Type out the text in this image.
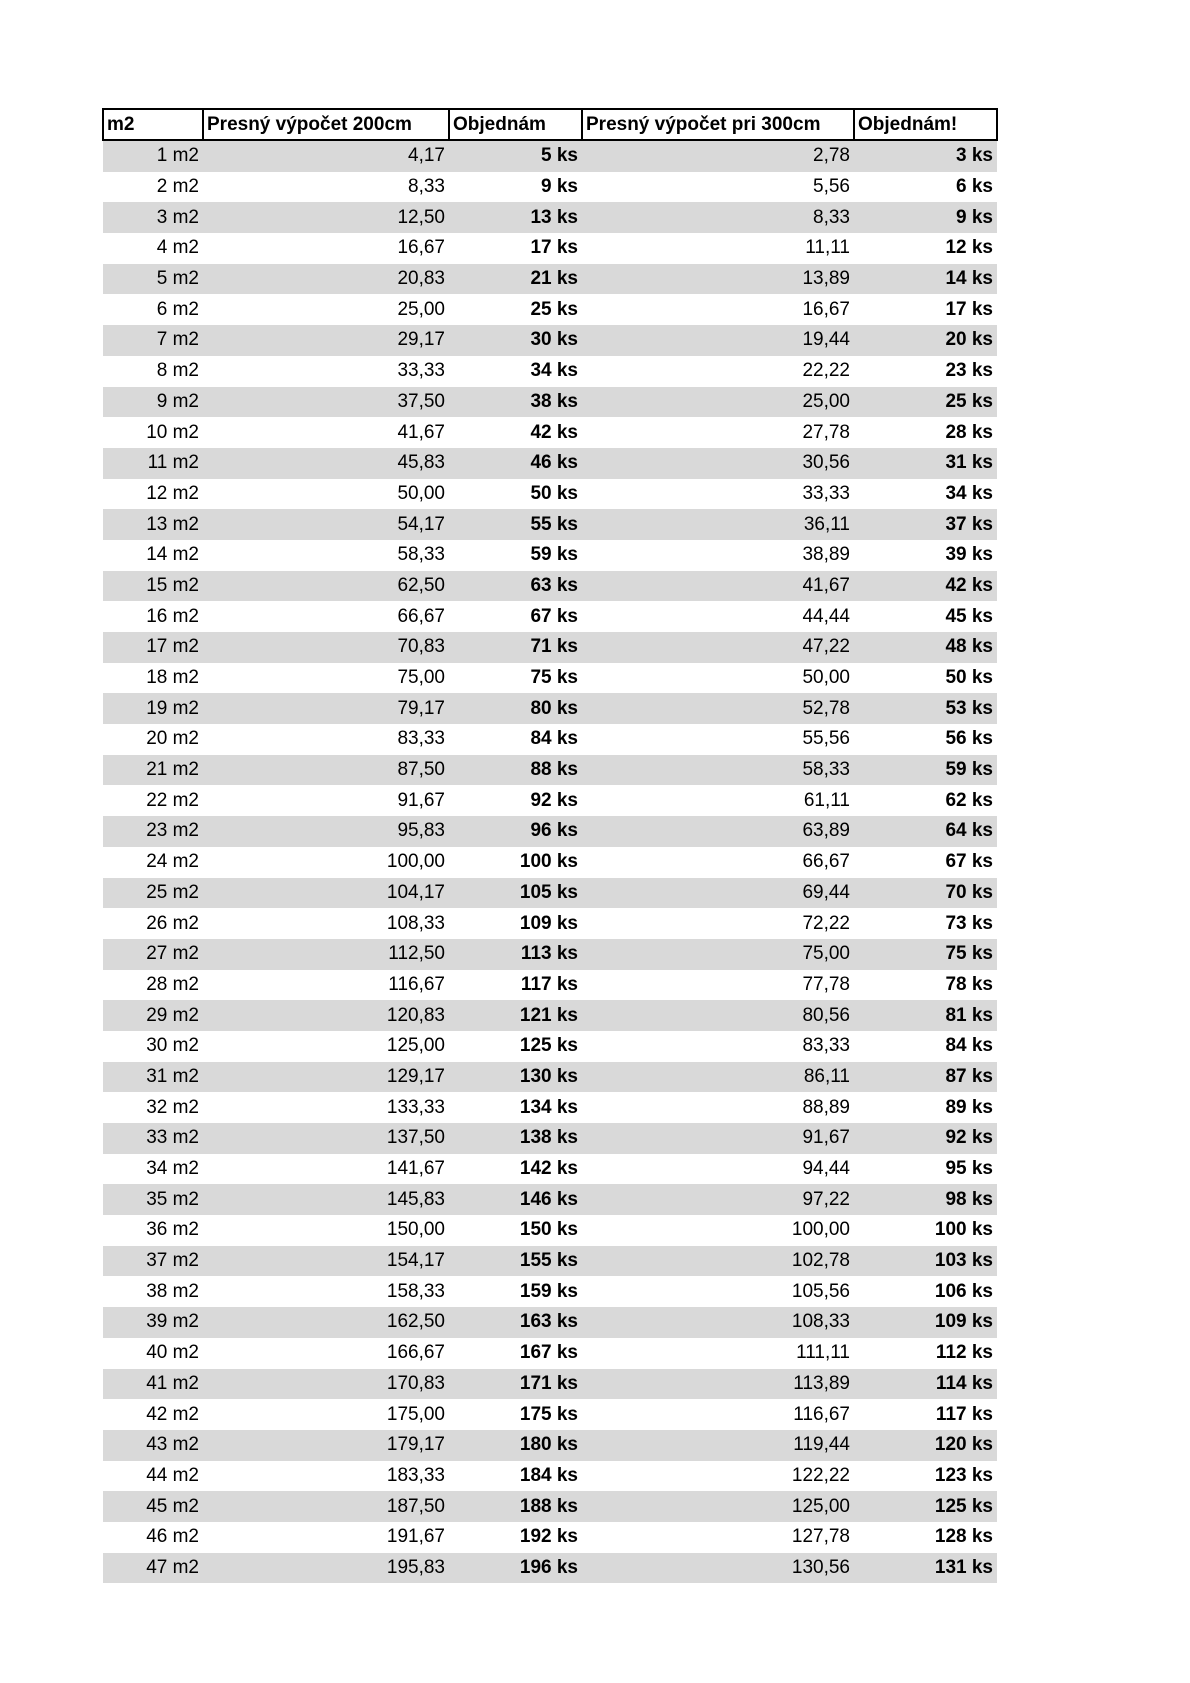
m2	Presný výpočet 200cm	Objednám	Presný výpočet pri 300cm	Objednám!
1 m2	4,17	5 ks	2,78	3 ks
2 m2	8,33	9 ks	5,56	6 ks
3 m2	12,50	13 ks	8,33	9 ks
4 m2	16,67	17 ks	11,11	12 ks
5 m2	20,83	21 ks	13,89	14 ks
6 m2	25,00	25 ks	16,67	17 ks
7 m2	29,17	30 ks	19,44	20 ks
8 m2	33,33	34 ks	22,22	23 ks
9 m2	37,50	38 ks	25,00	25 ks
10 m2	41,67	42 ks	27,78	28 ks
11 m2	45,83	46 ks	30,56	31 ks
12 m2	50,00	50 ks	33,33	34 ks
13 m2	54,17	55 ks	36,11	37 ks
14 m2	58,33	59 ks	38,89	39 ks
15 m2	62,50	63 ks	41,67	42 ks
16 m2	66,67	67 ks	44,44	45 ks
17 m2	70,83	71 ks	47,22	48 ks
18 m2	75,00	75 ks	50,00	50 ks
19 m2	79,17	80 ks	52,78	53 ks
20 m2	83,33	84 ks	55,56	56 ks
21 m2	87,50	88 ks	58,33	59 ks
22 m2	91,67	92 ks	61,11	62 ks
23 m2	95,83	96 ks	63,89	64 ks
24 m2	100,00	100 ks	66,67	67 ks
25 m2	104,17	105 ks	69,44	70 ks
26 m2	108,33	109 ks	72,22	73 ks
27 m2	112,50	113 ks	75,00	75 ks
28 m2	116,67	117 ks	77,78	78 ks
29 m2	120,83	121 ks	80,56	81 ks
30 m2	125,00	125 ks	83,33	84 ks
31 m2	129,17	130 ks	86,11	87 ks
32 m2	133,33	134 ks	88,89	89 ks
33 m2	137,50	138 ks	91,67	92 ks
34 m2	141,67	142 ks	94,44	95 ks
35 m2	145,83	146 ks	97,22	98 ks
36 m2	150,00	150 ks	100,00	100 ks
37 m2	154,17	155 ks	102,78	103 ks
38 m2	158,33	159 ks	105,56	106 ks
39 m2	162,50	163 ks	108,33	109 ks
40 m2	166,67	167 ks	111,11	112 ks
41 m2	170,83	171 ks	113,89	114 ks
42 m2	175,00	175 ks	116,67	117 ks
43 m2	179,17	180 ks	119,44	120 ks
44 m2	183,33	184 ks	122,22	123 ks
45 m2	187,50	188 ks	125,00	125 ks
46 m2	191,67	192 ks	127,78	128 ks
47 m2	195,83	196 ks	130,56	131 ks
